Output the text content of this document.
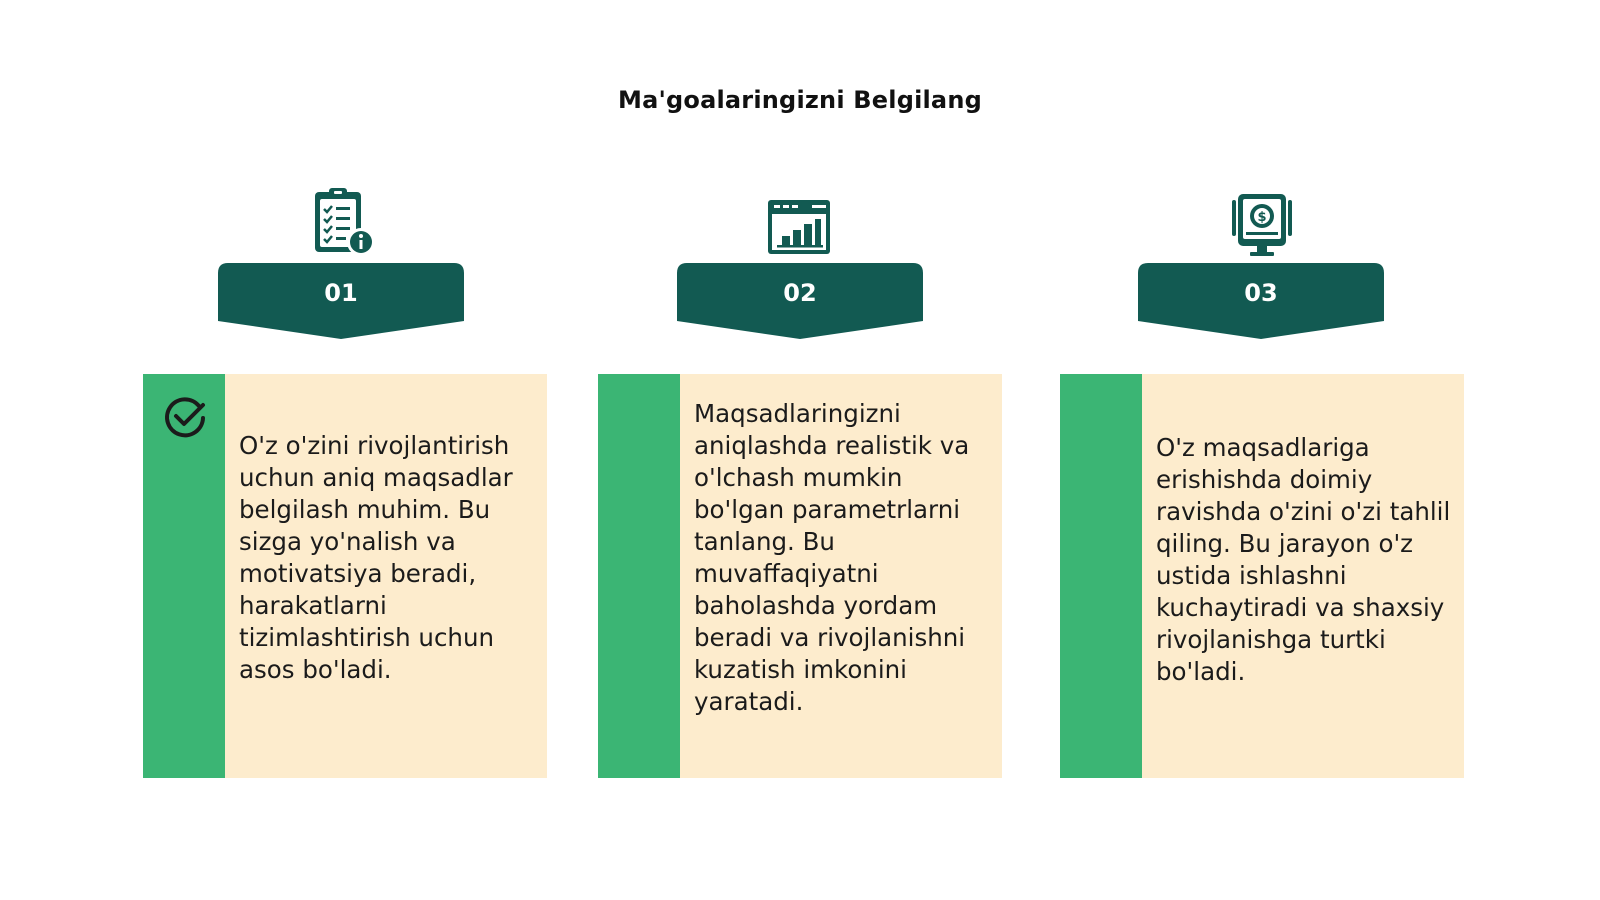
Ma'goalaringizni Belgilang
01
O'z o'zini rivojlantirish uchun aniq maqsadlar belgilash muhim. Bu sizga yo'nalish va motivatsiya beradi, harakatlarni tizimlashtirish uchun asos bo'ladi.
02
Maqsadlaringizni aniqlashda realistik va o'lchash mumkin bo'lgan parametrlarni tanlang. Bu muvaffaqiyatni baholashda yordam beradi va rivojlanishni kuzatish imkonini yaratadi.
$
03
O'z maqsadlariga erishishda doimiy ravishda o'zini o'zi tahlil qiling. Bu jarayon o'z ustida ishlashni kuchaytiradi va shaxsiy rivojlanishga turtki bo'ladi.
